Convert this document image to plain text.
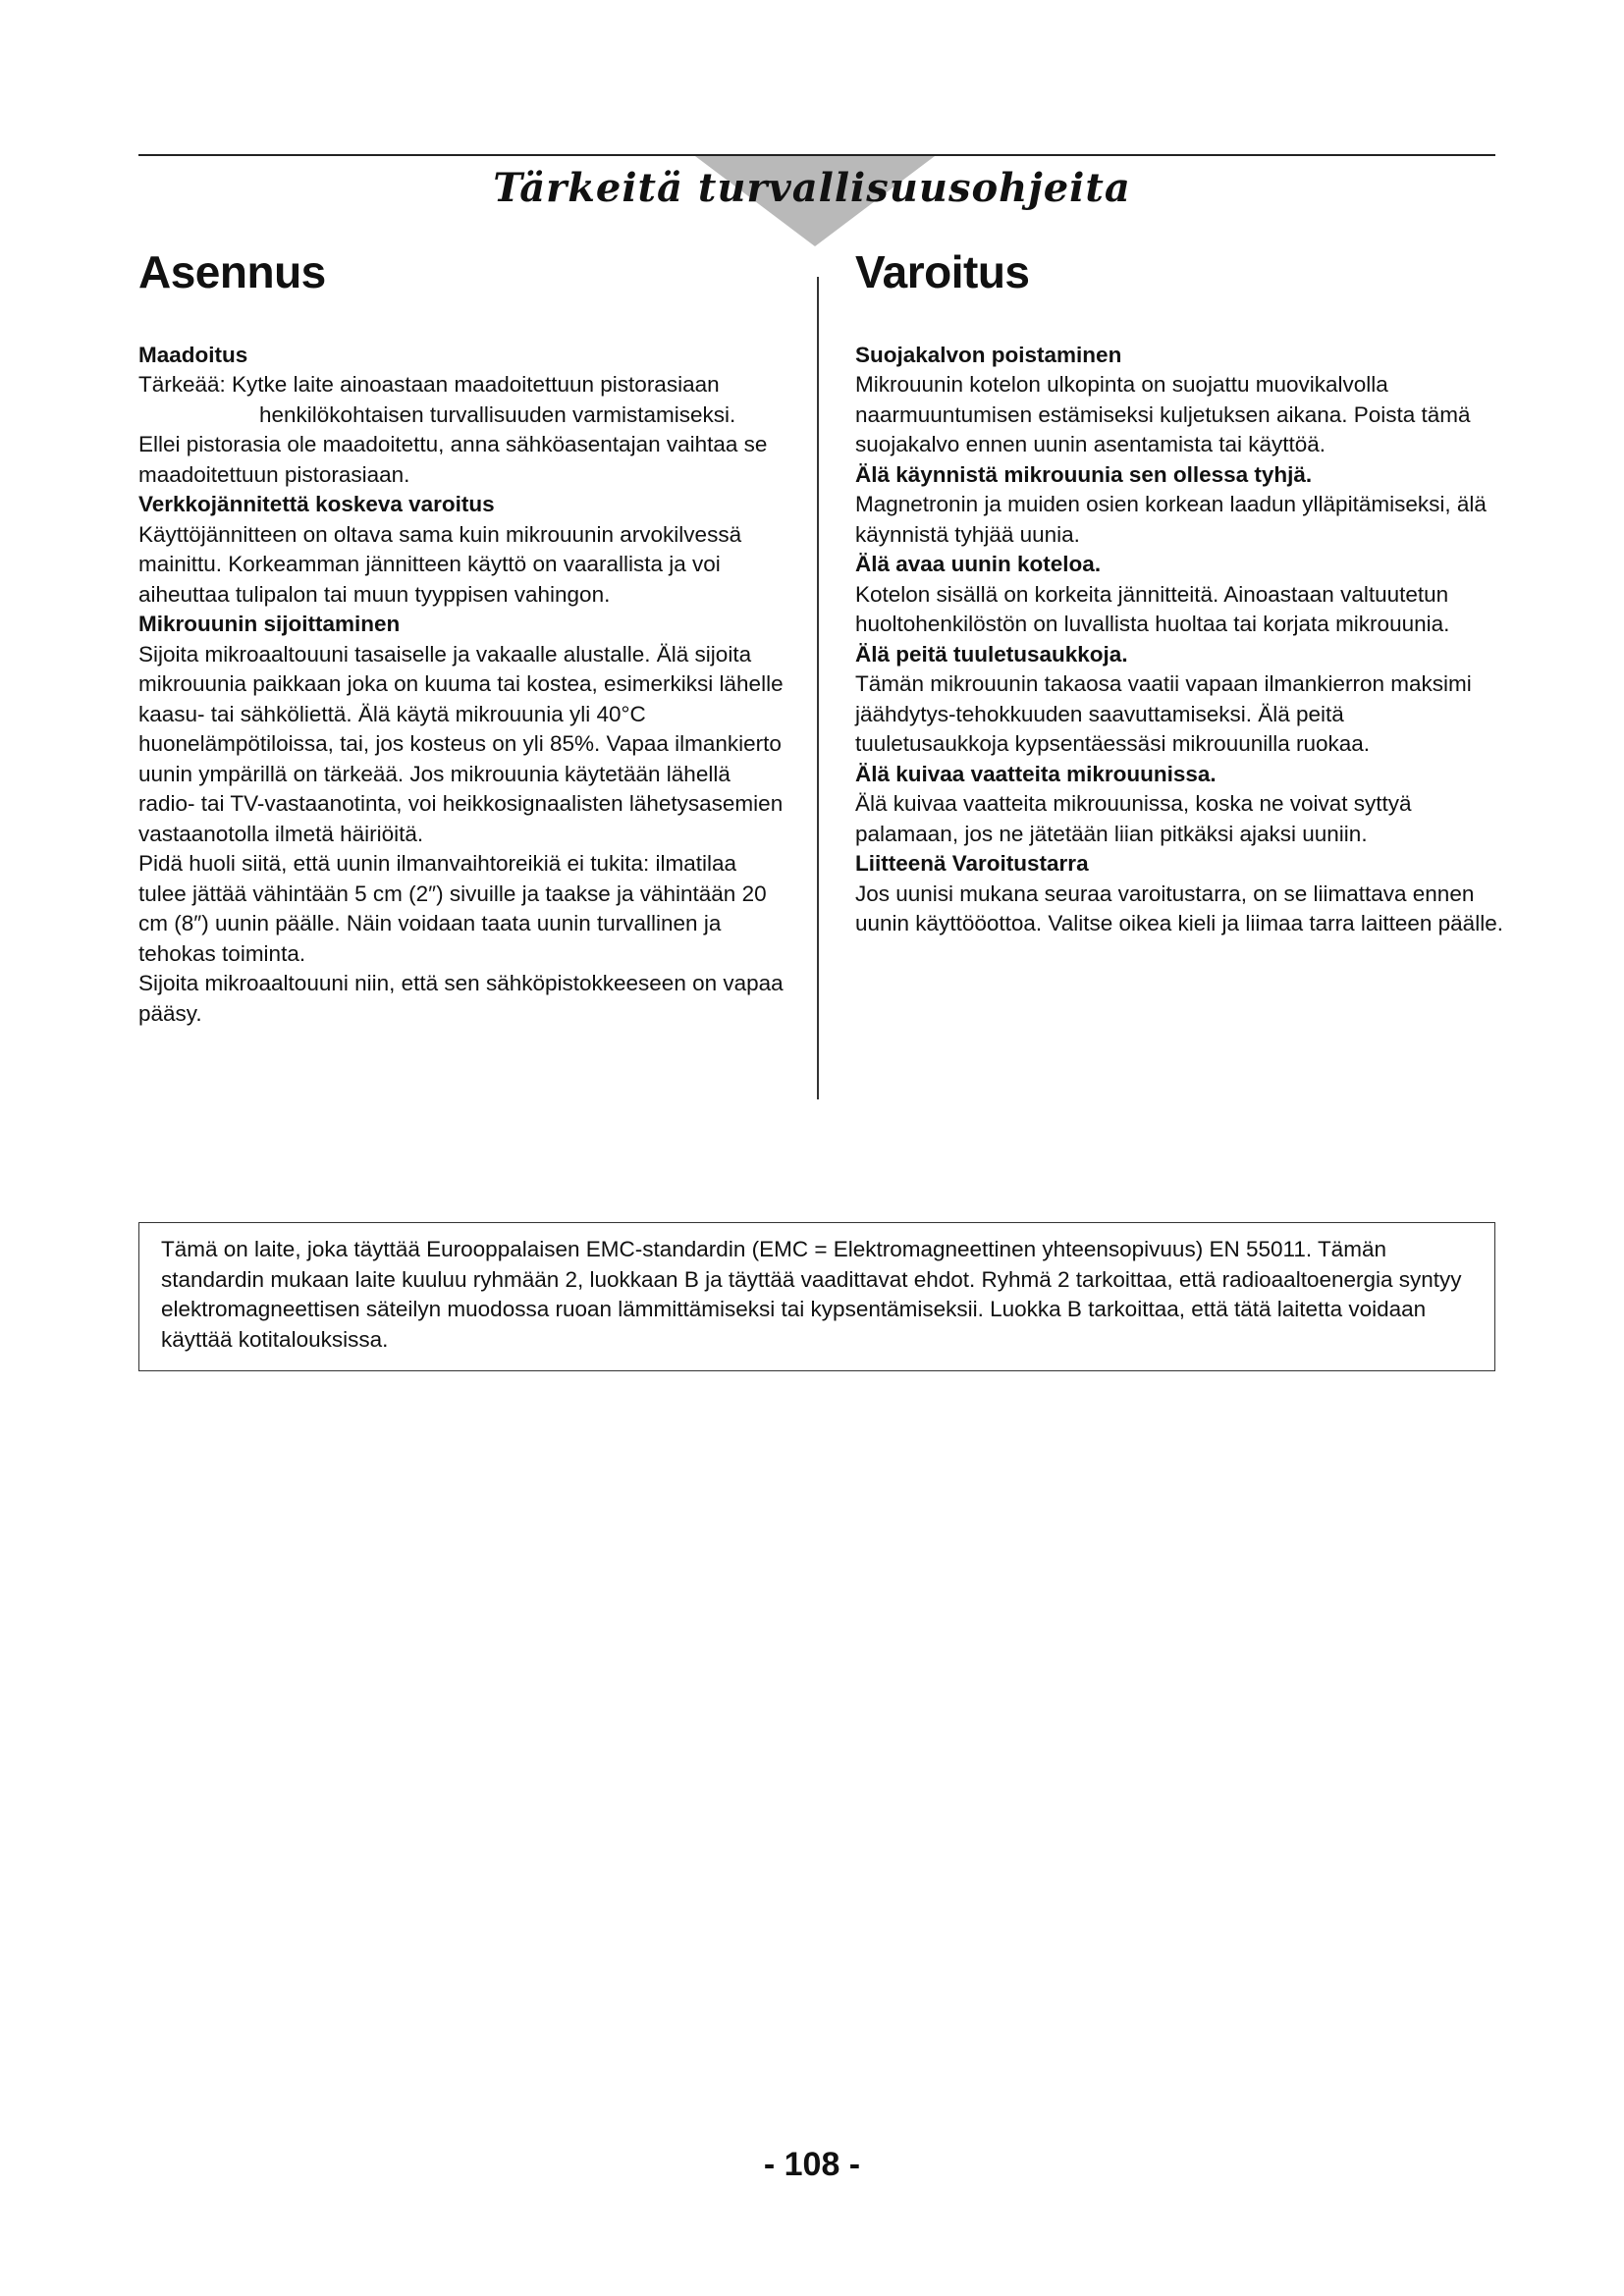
Tärkeitä turvallisuusohjeita
Asennus
Maadoitus

Tärkeää: Kytke laite ainoastaan maadoitettuun pistorasiaan henkilökohtaisen turvallisuuden varmistamiseksi.

Ellei pistorasia ole maadoitettu, anna sähköasentajan vaihtaa se maadoitettuun pistorasiaan.

Verkkojännitettä koskeva varoitus

Käyttöjännitteen on oltava sama kuin mikrouunin arvokilvessä mainittu. Korkeamman jännitteen käyttö on vaarallista ja voi aiheuttaa tulipalon tai muun tyyppisen vahingon.

Mikrouunin sijoittaminen

Sijoita mikroaaltouuni tasaiselle ja vakaalle alustalle. Älä sijoita mikrouunia paikkaan joka on kuuma tai kostea, esimerkiksi lähelle kaasu- tai sähköliettä. Älä käytä mikrouunia yli 40°C huonelämpötiloissa, tai, jos kosteus on yli 85%. Vapaa ilmankierto uunin ympärillä on tärkeää. Jos mikrouunia käytetään lähellä radio- tai TV-vastaanotinta, voi heikkosignaalisten lähetysasemien vastaanotolla ilmetä häiriöitä.

Pidä huoli siitä, että uunin ilmanvaihtoreikiä ei tukita: ilmatilaa tulee jättää vähintään 5 cm (2″) sivuille ja taakse ja vähintään 20 cm (8″) uunin päälle. Näin voidaan taata uunin turvallinen ja tehokas toiminta.

Sijoita mikroaaltouuni niin, että sen sähköpistokkeeseen on vapaa pääsy.

Varoitus
Suojakalvon poistaminen

Mikrouunin kotelon ulkopinta on suojattu muovikalvolla naarmuuntumisen estämiseksi kuljetuksen aikana. Poista tämä suojakalvo ennen uunin asentamista tai käyttöä.

Älä käynnistä mikrouunia sen ollessa tyhjä.

Magnetronin ja muiden osien korkean laadun ylläpitämiseksi, älä käynnistä tyhjää uunia.

Älä avaa uunin koteloa.

Kotelon sisällä on korkeita jännitteitä. Ainoastaan valtuutetun huoltohenkilöstön on luvallista huoltaa tai korjata mikrouunia.

Älä peitä tuuletusaukkoja.

Tämän mikrouunin takaosa vaatii vapaan ilmankierron maksimi jäähdytys-tehokkuuden saavuttamiseksi. Älä peitä tuuletusaukkoja kypsentäessäsi mikrouunilla ruokaa.

Älä kuivaa vaatteita mikrouunissa.

Älä kuivaa vaatteita mikrouunissa, koska ne voivat syttyä palamaan, jos ne jätetään liian pitkäksi ajaksi uuniin.

Liitteenä Varoitustarra

Jos uunisi mukana seuraa varoitustarra, on se liimattava ennen uunin käyttööottoa. Valitse oikea kieli ja liimaa tarra laitteen päälle.

Tämä on laite, joka täyttää Eurooppalaisen EMC-standardin (EMC = Elektromagneettinen yhteensopivuus) EN 55011. Tämän standardin mukaan laite kuuluu ryhmään 2, luokkaan B ja täyttää vaadittavat ehdot. Ryhmä 2 tarkoittaa, että radioaaltoenergia syntyy elektromagneettisen säteilyn muodossa ruoan lämmittämiseksi tai kypsentämiseksii. Luokka B tarkoittaa, että tätä laitetta voidaan käyttää kotitalouksissa.
- 108 -
